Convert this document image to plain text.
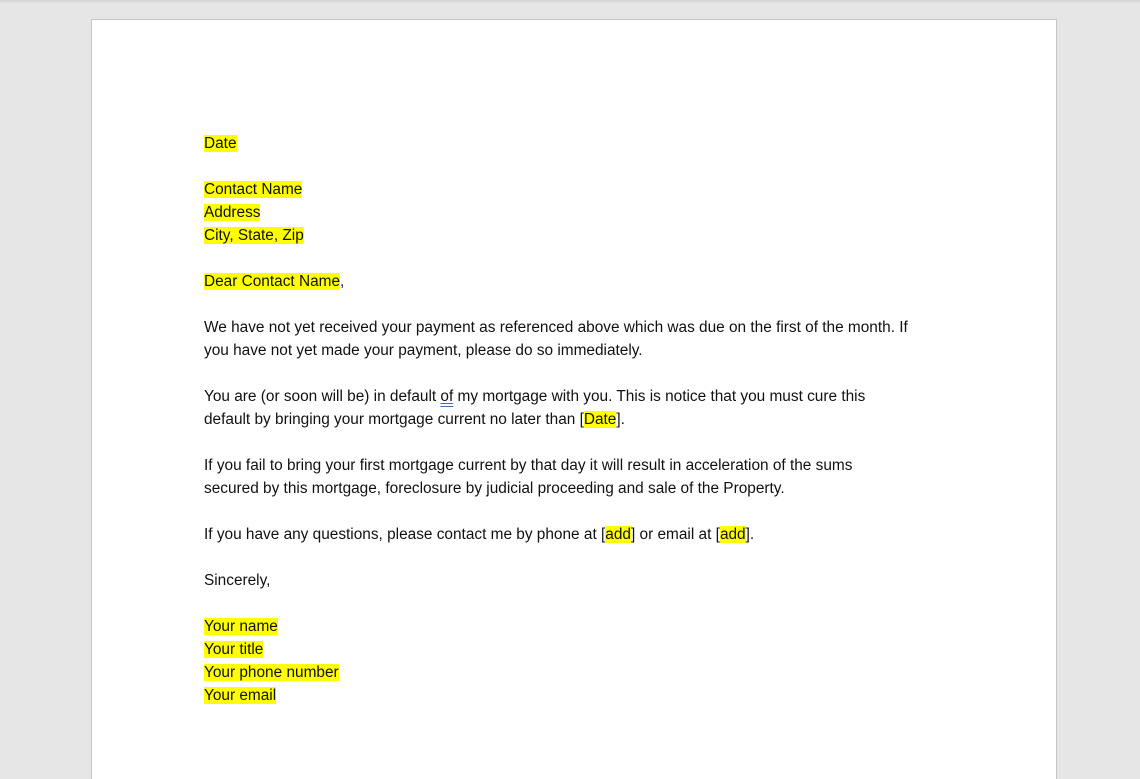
Date
Contact Name
Address
City, State, Zip
Dear Contact Name,
We have not yet received your payment as referenced above which was due on the first of the month. If
you have not yet made your payment, please do so immediately.
You are (or soon will be) in default of my mortgage with you. This is notice that you must cure this
default by bringing your mortgage current no later than [Date].
If you fail to bring your first mortgage current by that day it will result in acceleration of the sums
secured by this mortgage, foreclosure by judicial proceeding and sale of the Property.
If you have any questions, please contact me by phone at [add] or email at [add].
Sincerely,
Your name
Your title
Your phone number
Your email
